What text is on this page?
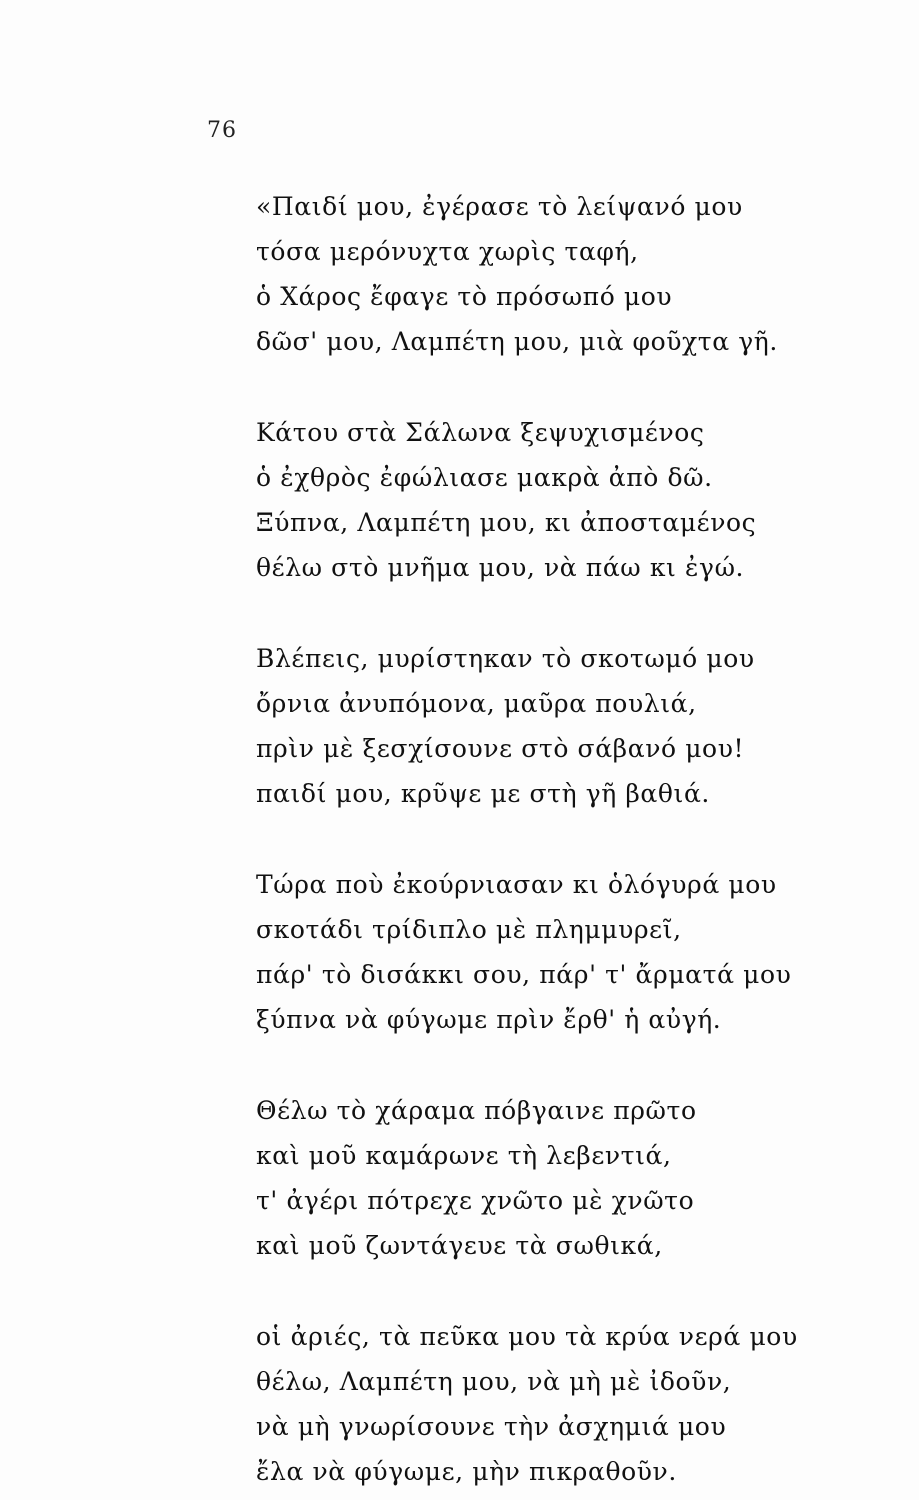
76
«Παιδί μου, ἐγέρασε τὸ λείψανό μου
τόσα μερόνυχτα χωρὶς ταφή,
ὁ Χάρος ἔφαγε τὸ πρόσωπό μου
δῶσ' μου, Λαμπέτη μου, μιὰ φοῦχτα γῆ.
Κάτου στὰ Σάλωνα ξεψυχισμένος
ὁ ἐχθρὸς ἐφώλιασε μακρὰ ἀπὸ δῶ.
Ξύπνα, Λαμπέτη μου, κι ἀποσταμένος
θέλω στὸ μνῆμα μου, νὰ πάω κι ἐγώ.
Βλέπεις, μυρίστηκαν τὸ σκοτωμό μου
ὄρνια ἀνυπόμονα, μαῦρα πουλιά,
πρὶν μὲ ξεσχίσουνε στὸ σάβανό μου!
παιδί μου, κρῦψε με στὴ γῆ βαθιά.
Τώρα ποὺ ἐκούρνιασαν κι ὁλόγυρά μου
σκοτάδι τρίδιπλο μὲ πλημμυρεῖ,
πάρ' τὸ δισάκκι σου, πάρ' τ' ἄρματά μου
ξύπνα νὰ φύγωμε πρὶν ἔρθ' ἡ αὐγή.
Θέλω τὸ χάραμα πόβγαινε πρῶτο
καὶ μοῦ καμάρωνε τὴ λεβεντιά,
τ' ἀγέρι πότρεχε χνῶτο μὲ χνῶτο
καὶ μοῦ ζωντάγευε τὰ σωθικά,
οἱ ἀριές, τὰ πεῦκα μου τὰ κρύα νερά μου
θέλω, Λαμπέτη μου, νὰ μὴ μὲ ἰδοῦν,
νὰ μὴ γνωρίσουνε τὴν ἀσχημιά μου
ἔλα νὰ φύγωμε, μὴν πικραθοῦν.
